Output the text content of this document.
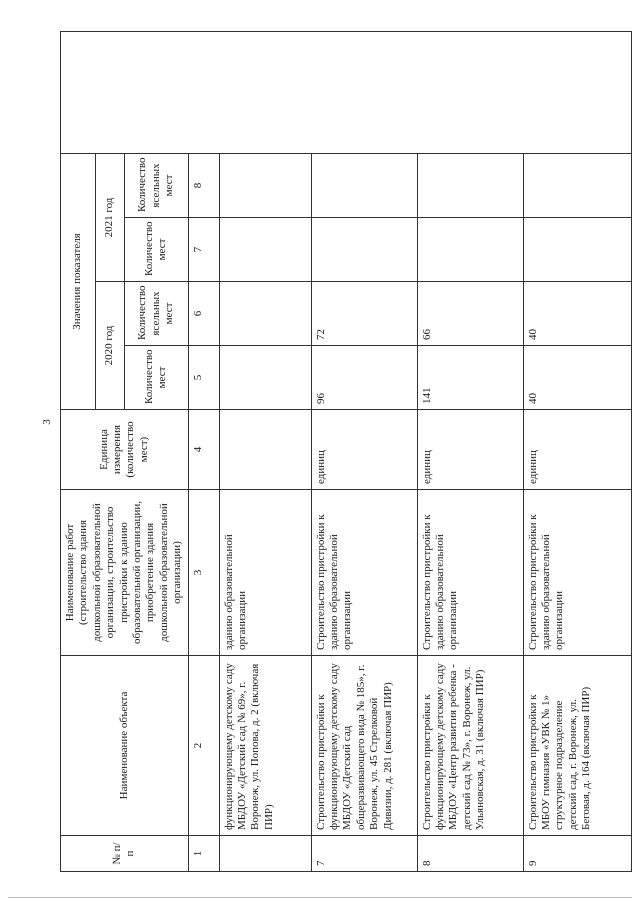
3
№ п/п	Наименование объекта	Наименование работ (строительство здания дошкольной образовательной организации, строительство пристройки к зданию образовательной организации, приобретение здания дошкольной образовательной организации)	Единица измерения (количество мест)	Значения показателя				
				2020 год		2021 год		
				Количество мест	Количество ясельных мест	Количество мест	Количество ясельных мест	
1	2	3	4	5	6	7	8	
	функционирующему детскому саду МБДОУ «Детский сад № 69», г. Воронеж, ул. Попова, д. 2 (включая ПИР)	зданию образовательной организации						
7	Строительство пристройки к функционирующему детскому саду МБДОУ «Детский сад общеразвивающего вида № 185», г. Воронеж, ул. 45 Стрелковой Дивизии, д. 281 (включая ПИР)	Строительство пристройки к зданию образовательной организации	единиц	96	72			
8	Строительство пристройки к функционирующему детскому саду МБДОУ «Центр развития ребенка - детский сад № 73», г. Воронеж, ул. Ульяновская, д. 31 (включая ПИР)	Строительство пристройки к зданию образовательной организации	единиц	141	66			
9	Строительство пристройки к МБОУ гимназия «УВК № 1» структурное подразделение детский сад, г. Воронеж, ул. Беговая, д. 164 (включая ПИР)	Строительство пристройки к зданию образовательной организации	единиц	40	40			
